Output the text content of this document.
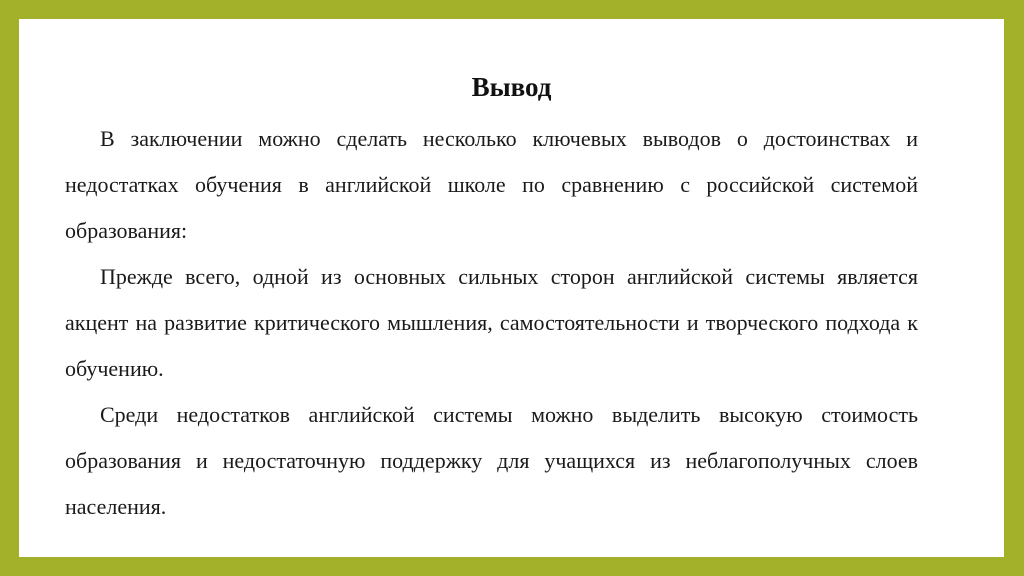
Вывод

В заключении можно сделать несколько ключевых выводов о достоинствах и недостатках обучения в английской школе по сравнению с российской системой образования:

Прежде всего, одной из основных сильных сторон английской системы является акцент на развитие критического мышления, самостоятельности и творческого подхода к обучению.

Среди недостатков английской системы можно выделить высокую стоимость образования и недостаточную поддержку для учащихся из неблагополучных слоев населения.
